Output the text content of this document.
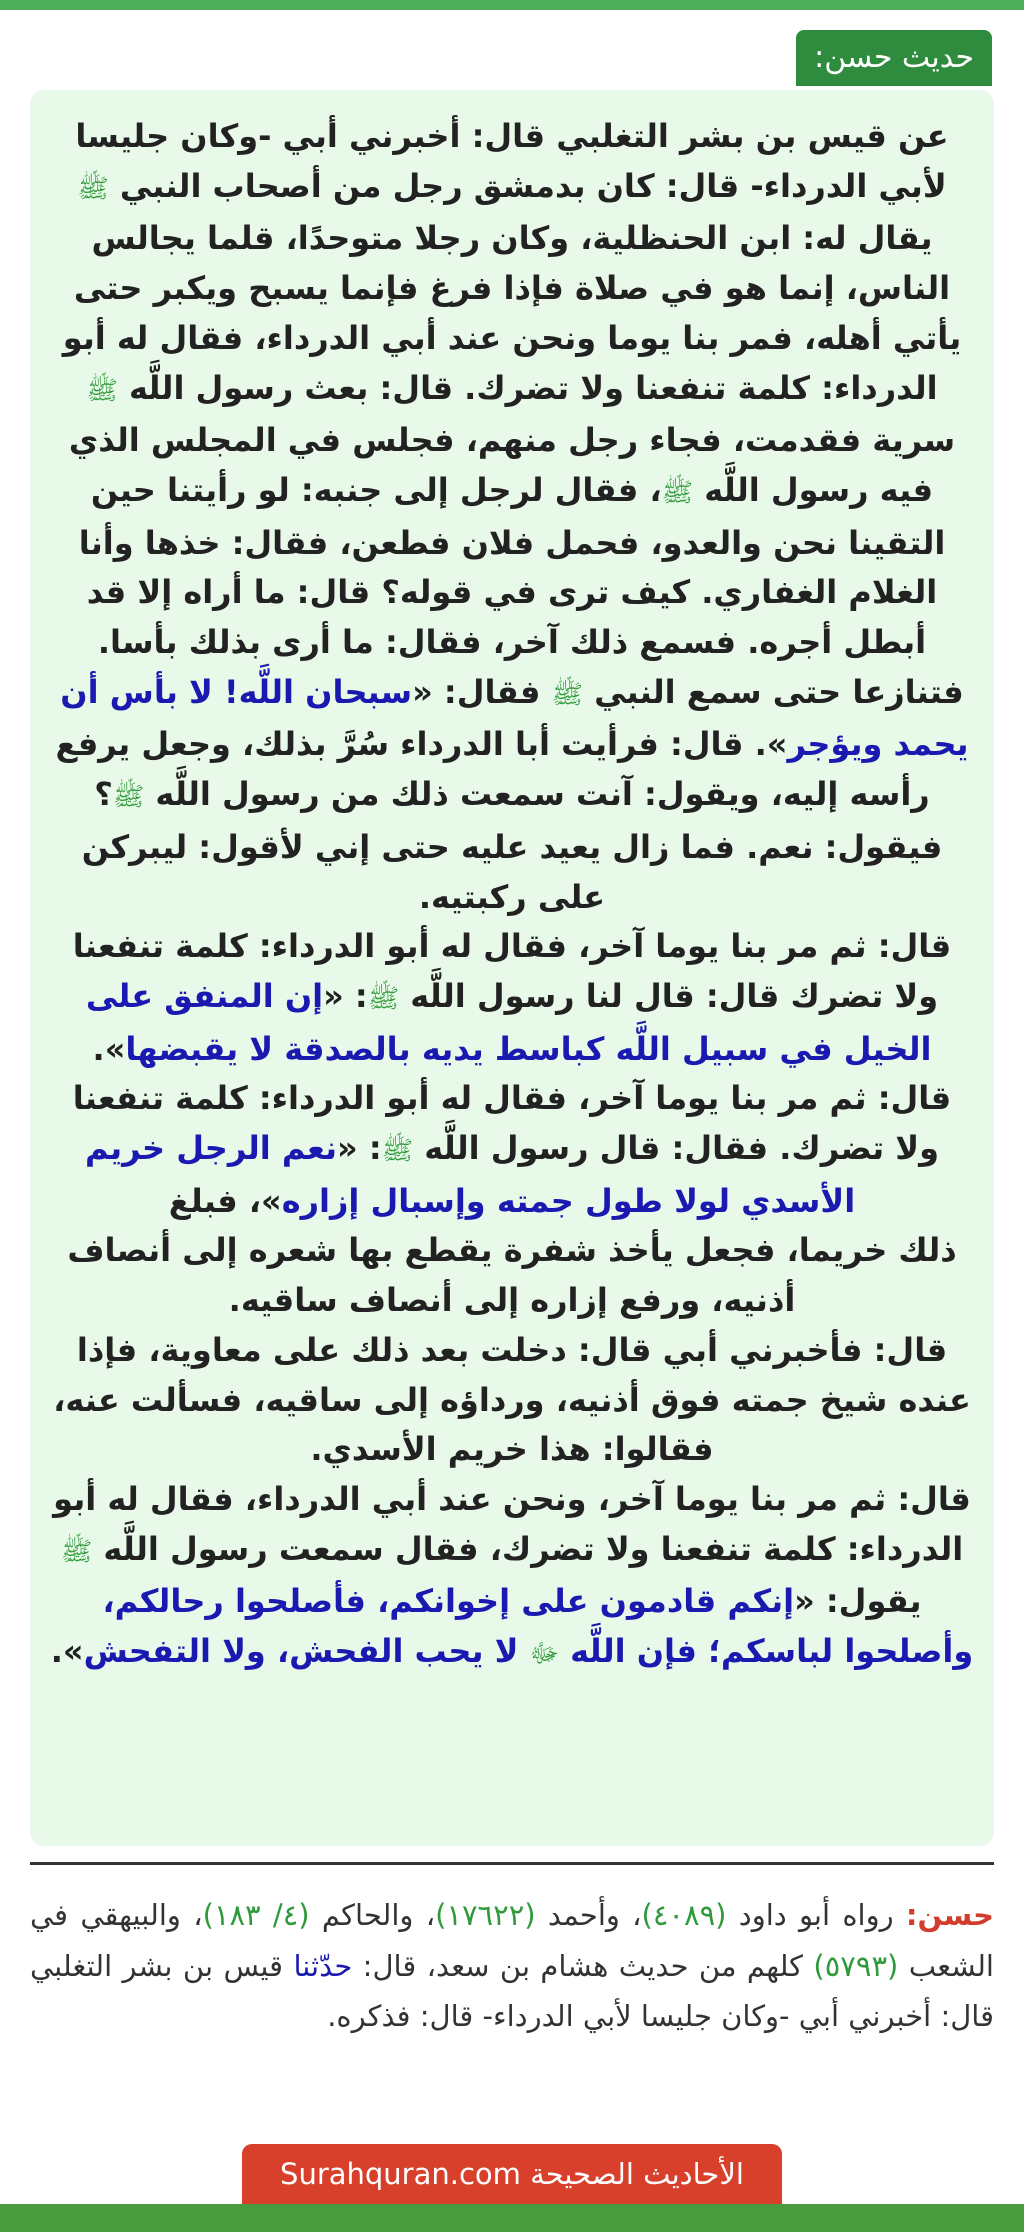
حديث حسن:

عن قيس بن بشر التغلبي قال: أخبرني أبي -وكان جليسا لأبي الدرداء- قال: كان بدمشق رجل من أصحاب النبي ﷺ يقال له: ابن الحنظلية، وكان رجلا متوحدًا، قلما يجالس الناس، إنما هو في صلاة فإذا فرغ فإنما يسبح ويكبر حتى يأتي أهله، فمر بنا يوما ونحن عند أبي الدرداء، فقال له أبو الدرداء: كلمة تنفعنا ولا تضرك. قال: بعث رسول اللَّه ﷺ سرية فقدمت، فجاء رجل منهم، فجلس في المجلس الذي فيه رسول اللَّه ﷺ، فقال لرجل إلى جنبه: لو رأيتنا حين التقينا نحن والعدو، فحمل فلان فطعن، فقال: خذها وأنا الغلام الغفاري. كيف ترى في قوله؟ قال: ما أراه إلا قد أبطل أجره. فسمع ذلك آخر، فقال: ما أرى بذلك بأسا. فتنازعا حتى سمع النبي ﷺ فقال: «سبحان اللَّه! لا بأس أن يحمد ويؤجر». قال: فرأيت أبا الدرداء سُرَّ بذلك، وجعل يرفع رأسه إليه، ويقول: آنت سمعت ذلك من رسول اللَّه ﷺ؟ فيقول: نعم. فما زال يعيد عليه حتى إني لأقول: ليبركن على ركبتيه.

قال: ثم مر بنا يوما آخر، فقال له أبو الدرداء: كلمة تنفعنا ولا تضرك قال: قال لنا رسول اللَّه ﷺ: «إن المنفق على الخيل في سبيل اللَّه كباسط يديه بالصدقة لا يقبضها».

قال: ثم مر بنا يوما آخر، فقال له أبو الدرداء: كلمة تنفعنا ولا تضرك. فقال: قال رسول اللَّه ﷺ: «نعم الرجل خريم الأسدي لولا طول جمته وإسبال إزاره»، فبلغ

ذلك خريما، فجعل يأخذ شفرة يقطع بها شعره إلى أنصاف أذنيه، ورفع إزاره إلى أنصاف ساقيه.

قال: فأخبرني أبي قال: دخلت بعد ذلك على معاوية، فإذا عنده شيخ جمته فوق أذنيه، ورداؤه إلى ساقيه، فسألت عنه، فقالوا: هذا خريم الأسدي.

قال: ثم مر بنا يوما آخر، ونحن عند أبي الدرداء، فقال له أبو الدرداء: كلمة تنفعنا ولا تضرك، فقال سمعت رسول اللَّه ﷺ يقول: «إنكم قادمون على إخوانكم، فأصلحوا رحالكم، وأصلحوا لباسكم؛ فإن اللَّه ﷻ لا يحب الفحش، ولا التفحش».

حسن: رواه أبو داود (٤٠٨٩)، وأحمد (١٧٦٢٢)، والحاكم (٤/ ١٨٣)، والبيهقي في الشعب (٥٧٩٣) كلهم من حديث هشام بن سعد، قال: حدّثنا قيس بن بشر التغلبي قال: أخبرني أبي -وكان جليسا لأبي الدرداء- قال: فذكره.
الأحاديث الصحيحة Surahquran.com
